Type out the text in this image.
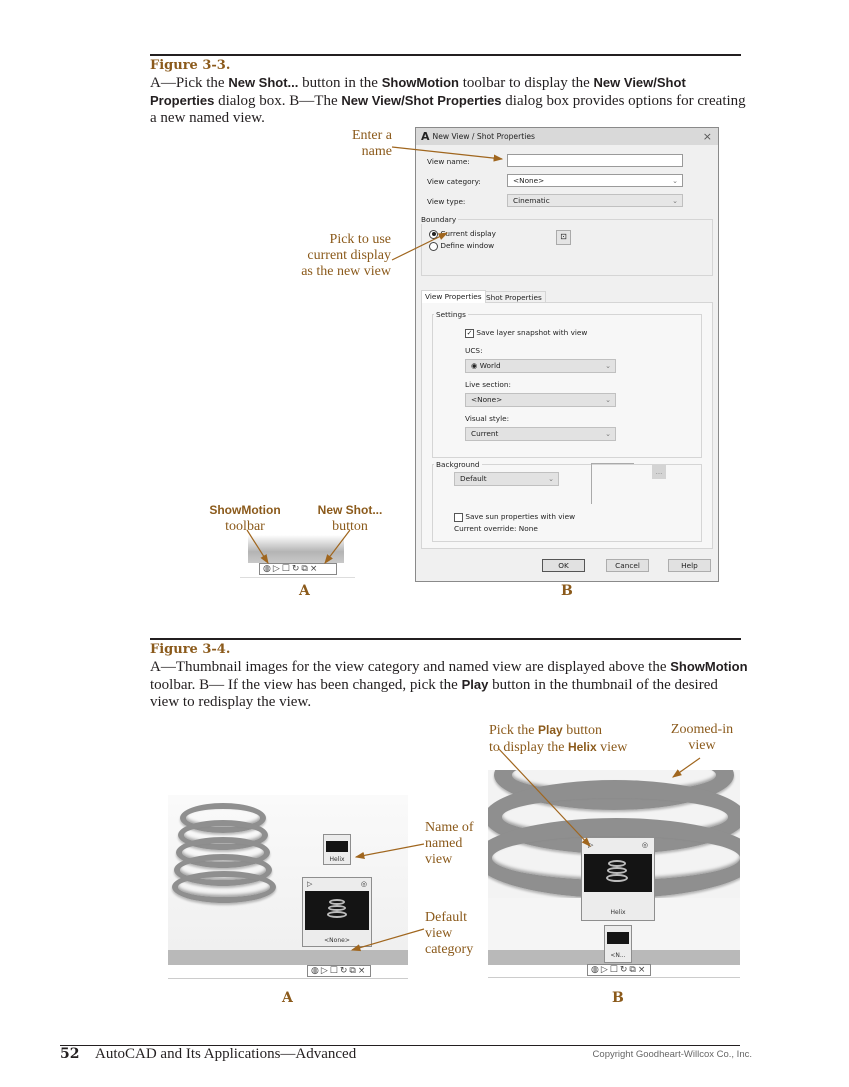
Figure 3-3.
A—Pick the New Shot... button in the ShowMotion toolbar to display the New View/Shot Properties dialog box. B—The New View/Shot Properties dialog box provides options for creating a new named view.
Enter a
name
Pick to use
current display
as the new view
ShowMotion
toolbar
New Shot...
button
◍ ▷ ☐ ↻ ⧉ ×
A
A New View / Shot Properties	×
View name:
View category:	<None>	⌄
View type:	Cinematic	⌄
Boundary
Current display
Define window
⊡
View Properties Shot Properties
Settings
✓ Save layer snapshot with view
UCS:
◉ World	⌄
Live section:
<None>	⌄
Visual style:
Current	⌄
Background
Default	⌄
...
Save sun properties with view
Current override: None
OK	Cancel	Help
B
Figure 3-4.
A—Thumbnail images for the view category and named view are displayed above the ShowMotion toolbar. B— If the view has been changed, pick the Play button in the thumbnail of the desired view to redisplay the view.
Helix
▷	◎
<None>
◍ ▷ ☐ ↻ ⧉ ×
Name of
named
view
Default
view
category
A
Pick the Play button
to display the Helix view
Zoomed-in
view
▷	◎
Helix
<N...
◍ ▷ ☐ ↻ ⧉ ×
B
52 AutoCAD and Its Applications—Advanced	Copyright Goodheart-Willcox Co., Inc.
